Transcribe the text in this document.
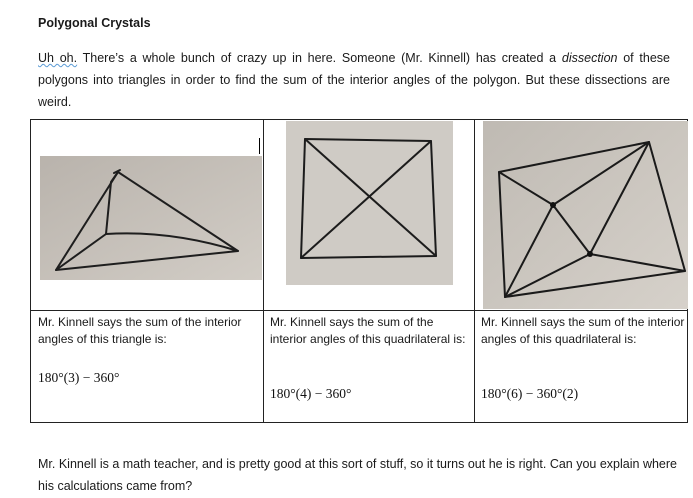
Polygonal Crystals
Uh oh. There’s a whole bunch of crazy up in here. Someone (Mr. Kinnell) has created a dissection of these polygons into triangles in order to find the sum of the interior angles of the polygon. But these dissections are weird.
Mr. Kinnell says the sum of the interior angles of this triangle is:
180°(3) − 360°
Mr. Kinnell says the sum of the interior angles of this quadrilateral is:
180°(4) − 360°
Mr. Kinnell says the sum of the interior angles of this quadrilateral is:
180°(6) − 360°(2)
Mr. Kinnell is a math teacher, and is pretty good at this sort of stuff, so it turns out he is right. Can you explain where his calculations came from?
